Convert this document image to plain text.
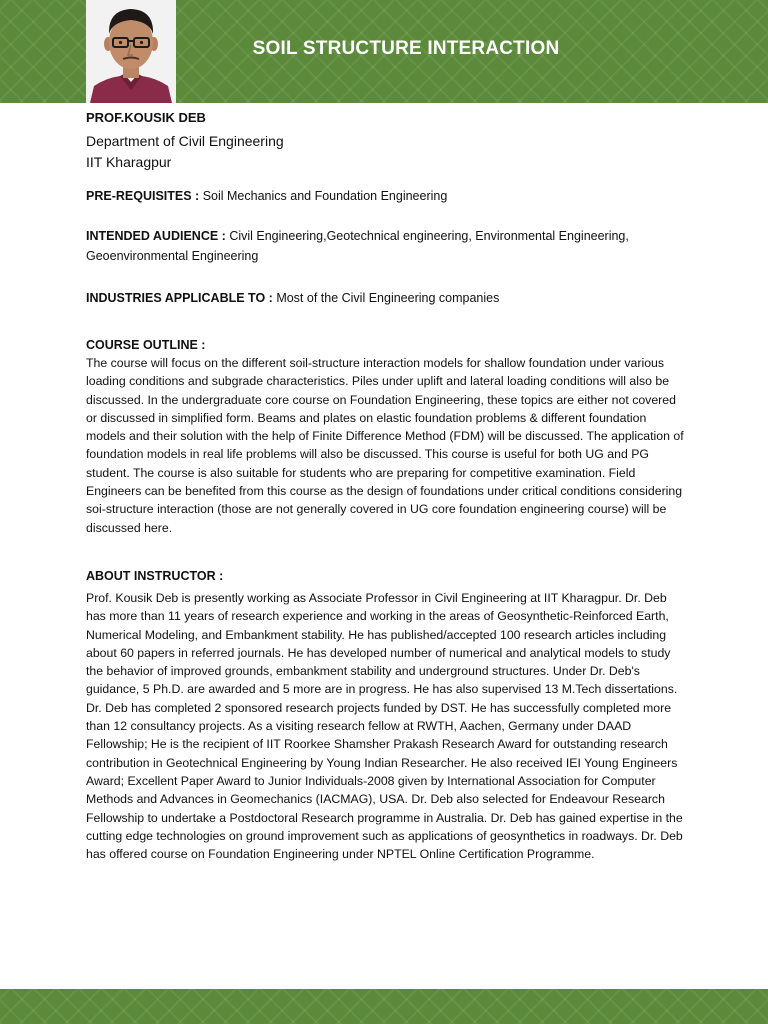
SOIL STRUCTURE INTERACTION

PROF.KOUSIK DEB

Department of Civil Engineering

IIT Kharagpur

PRE-REQUISITES : Soil Mechanics and Foundation Engineering

INTENDED AUDIENCE : Civil Engineering,Geotechnical engineering, Environmental Engineering, Geoenvironmental Engineering

INDUSTRIES APPLICABLE TO : Most of the Civil Engineering companies

COURSE OUTLINE :

The course will focus on the different soil-structure interaction models for shallow foundation under various loading conditions and subgrade characteristics. Piles under uplift and lateral loading conditions will also be discussed. In the undergraduate core course on Foundation Engineering, these topics are either not covered or discussed in simplified form. Beams and plates on elastic foundation problems & different foundation models and their solution with the help of Finite Difference Method (FDM) will be discussed. The application of foundation models in real life problems will also be discussed. This course is useful for both UG and PG student. The course is also suitable for students who are preparing for competitive examination. Field Engineers can be benefited from this course as the design of foundations under critical conditions considering soi-structure interaction (those are not generally covered in UG core foundation engineering course) will be discussed here.

ABOUT INSTRUCTOR :

Prof. Kousik Deb is presently working as Associate Professor in Civil Engineering at IIT Kharagpur. Dr. Deb has more than 11 years of research experience and working in the areas of Geosynthetic-Reinforced Earth, Numerical Modeling, and Embankment stability. He has published/accepted 100 research articles including about 60 papers in referred journals. He has developed number of numerical and analytical models to study the behavior of improved grounds, embankment stability and underground structures. Under Dr. Deb's guidance, 5 Ph.D. are awarded and 5 more are in progress. He has also supervised 13 M.Tech dissertations. Dr. Deb has completed 2 sponsored research projects funded by DST. He has successfully completed more than 12 consultancy projects. As a visiting research fellow at RWTH, Aachen, Germany under DAAD Fellowship; He is the recipient of IIT Roorkee Shamsher Prakash Research Award for outstanding research contribution in Geotechnical Engineering by Young Indian Researcher. He also received IEI Young Engineers Award; Excellent Paper Award to Junior Individuals-2008 given by International Association for Computer Methods and Advances in Geomechanics (IACMAG), USA. Dr. Deb also selected for Endeavour Research Fellowship to undertake a Postdoctoral Research programme in Australia. Dr. Deb has gained expertise in the cutting edge technologies on ground improvement such as applications of geosynthetics in roadways. Dr. Deb has offered course on Foundation Engineering under NPTEL Online Certification Programme.
